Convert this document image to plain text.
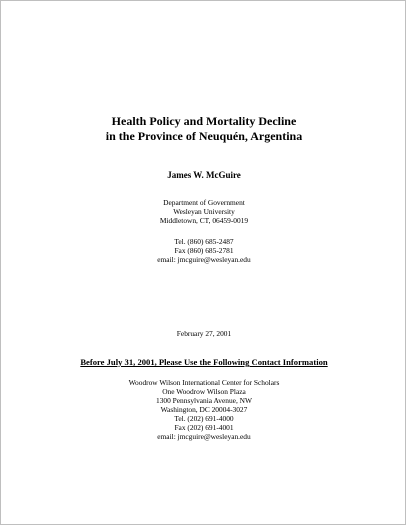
Health Policy and Mortality Decline
in the Province of Neuquén, Argentina
James W. McGuire
Department of Government
Wesleyan University
Middletown, CT, 06459-0019
Tel. (860) 685-2487
Fax (860) 685-2781
email: jmcguire@wesleyan.edu
February 27, 2001
Before July 31, 2001, Please Use the Following Contact Information
Woodrow Wilson International Center for Scholars
One Woodrow Wilson Plaza
1300 Pennsylvania Avenue, NW
Washington, DC 20004-3027
Tel. (202) 691-4000
Fax (202) 691-4001
email: jmcguire@wesleyan.edu
